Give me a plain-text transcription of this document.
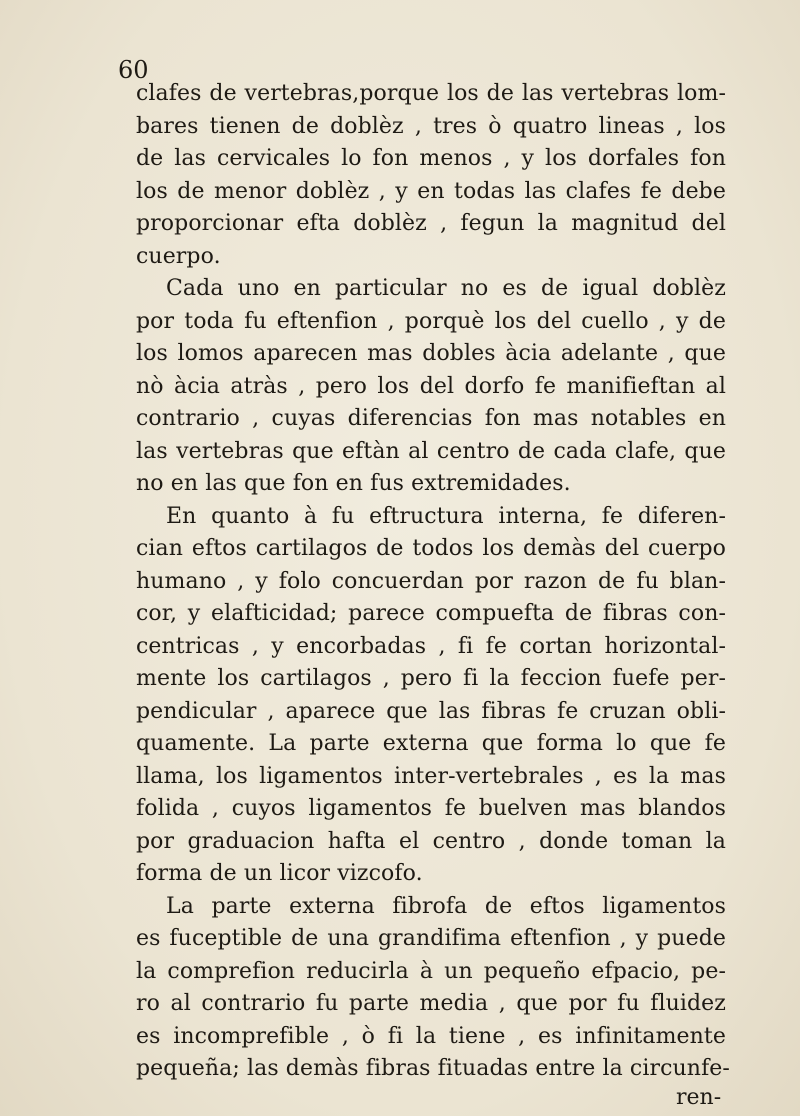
60
clafes de vertebras,porque los de las vertebras lom-
bares tienen de doblèz , tres ò quatro lineas , los
de las cervicales lo fon menos , y los dorfales fon
los de menor doblèz , y en todas las clafes fe debe
proporcionar efta doblèz , fegun la magnitud del
cuerpo.
Cada uno en particular no es de igual doblèz
por toda fu eftenfion , porquè los del cuello , y de
los lomos aparecen mas dobles àcia adelante , que
nò àcia atràs , pero los del dorfo fe manifieftan al
contrario , cuyas diferencias fon mas notables en
las vertebras que eftàn al centro de cada clafe, que
no en las que fon en fus extremidades.
En quanto à fu eftructura interna, fe diferen-
cian eftos cartilagos de todos los demàs del cuerpo
humano , y folo concuerdan por razon de fu blan-
cor, y elafticidad; parece compuefta de fibras con-
centricas , y encorbadas , fi fe cortan horizontal-
mente los cartilagos , pero fi la feccion fuefe per-
pendicular , aparece que las fibras fe cruzan obli-
quamente. La parte externa que forma lo que fe
llama, los ligamentos inter-vertebrales , es la mas
folida , cuyos ligamentos fe buelven mas blandos
por graduacion hafta el centro , donde toman la
forma de un licor vizcofo.
La parte externa fibrofa de eftos ligamentos
es fuceptible de una grandifima eftenfion , y puede
la comprefion reducirla à un pequeño efpacio, pe-
ro al contrario fu parte media , que por fu fluidez
es incomprefible , ò fi la tiene , es infinitamente
pequeña; las demàs fibras fituadas entre la circunfe-
ren-
